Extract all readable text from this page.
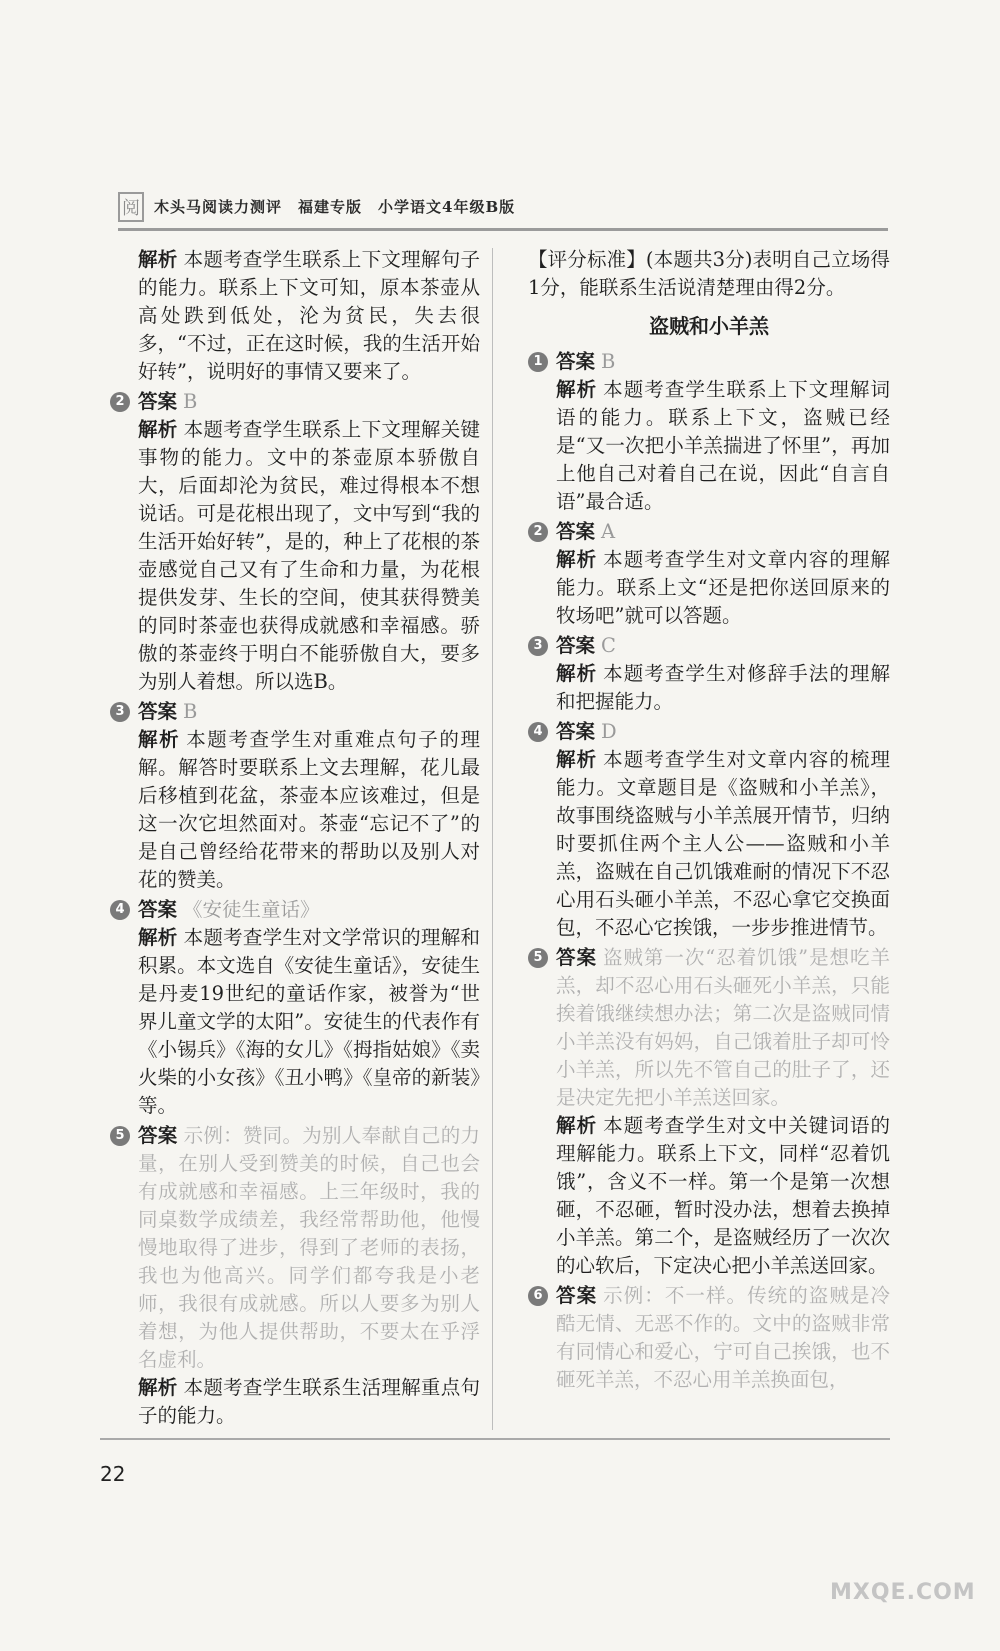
阅 木头马阅读力测评　福建专版　小学语文4年级B版

解析 本题考查学生联系上下文理解句子的能力。联系上下文可知，原本茶壶从高处跌到低处，沦为贫民，失去很多，“不过，正在这时候，我的生活开始好转”，说明好的事情又要来了。

2 答案 B

解析 本题考查学生联系上下文理解关键事物的能力。文中的茶壶原本骄傲自大，后面却沦为贫民，难过得根本不想说话。可是花根出现了，文中写到“我的生活开始好转”，是的，种上了花根的茶壶感觉自己又有了生命和力量，为花根提供发芽、生长的空间，使其获得赞美的同时茶壶也获得成就感和幸福感。骄傲的茶壶终于明白不能骄傲自大，要多为别人着想。所以选B。

3 答案 B

解析 本题考查学生对重难点句子的理解。解答时要联系上文去理解，花儿最后移植到花盆，茶壶本应该难过，但是这一次它坦然面对。茶壶“忘记不了”的是自己曾经给花带来的帮助以及别人对花的赞美。

4 答案 《安徒生童话》

解析 本题考查学生对文学常识的理解和积累。本文选自《安徒生童话》，安徒生是丹麦19世纪的童话作家，被誉为“世界儿童文学的太阳”。安徒生的代表作有《小锡兵》《海的女儿》《拇指姑娘》《卖火柴的小女孩》《丑小鸭》《皇帝的新装》等。

5 答案 示例：赞同。为别人奉献自己的力量，在别人受到赞美的时候，自己也会有成就感和幸福感。上三年级时，我的同桌数学成绩差，我经常帮助他，他慢慢地取得了进步，得到了老师的表扬，我也为他高兴。同学们都夸我是小老师，我很有成就感。所以人要多为别人着想，为他人提供帮助，不要太在乎浮名虚利。

解析 本题考查学生联系生活理解重点句子的能力。

【评分标准】(本题共3分)表明自己立场得1分，能联系生活说清楚理由得2分。

盗贼和小羊羔
1 答案 B

解析 本题考查学生联系上下文理解词语的能力。联系上下文，盗贼已经是“又一次把小羊羔揣进了怀里”，再加上他自己对着自己在说，因此“自言自语”最合适。

2 答案 A

解析 本题考查学生对文章内容的理解能力。联系上文“还是把你送回原来的牧场吧”就可以答题。

3 答案 C

解析 本题考查学生对修辞手法的理解和把握能力。

4 答案 D

解析 本题考查学生对文章内容的梳理能力。文章题目是《盗贼和小羊羔》，故事围绕盗贼与小羊羔展开情节，归纳时要抓住两个主人公——盗贼和小羊羔，盗贼在自己饥饿难耐的情况下不忍心用石头砸小羊羔，不忍心拿它交换面包，不忍心它挨饿，一步步推进情节。

5 答案 盗贼第一次“忍着饥饿”是想吃羊羔，却不忍心用石头砸死小羊羔，只能挨着饿继续想办法；第二次是盗贼同情小羊羔没有妈妈，自己饿着肚子却可怜小羊羔，所以先不管自己的肚子了，还是决定先把小羊羔送回家。

解析 本题考查学生对文中关键词语的理解能力。联系上下文，同样“忍着饥饿”，含义不一样。第一个是第一次想砸，不忍砸，暂时没办法，想着去换掉小羊羔。第二个，是盗贼经历了一次次的心软后，下定决心把小羊羔送回家。

6 答案 示例：不一样。传统的盗贼是冷酷无情、无恶不作的。文中的盗贼非常有同情心和爱心，宁可自己挨饿，也不砸死羊羔，不忍心用羊羔换面包，

22
MXQE.COM
